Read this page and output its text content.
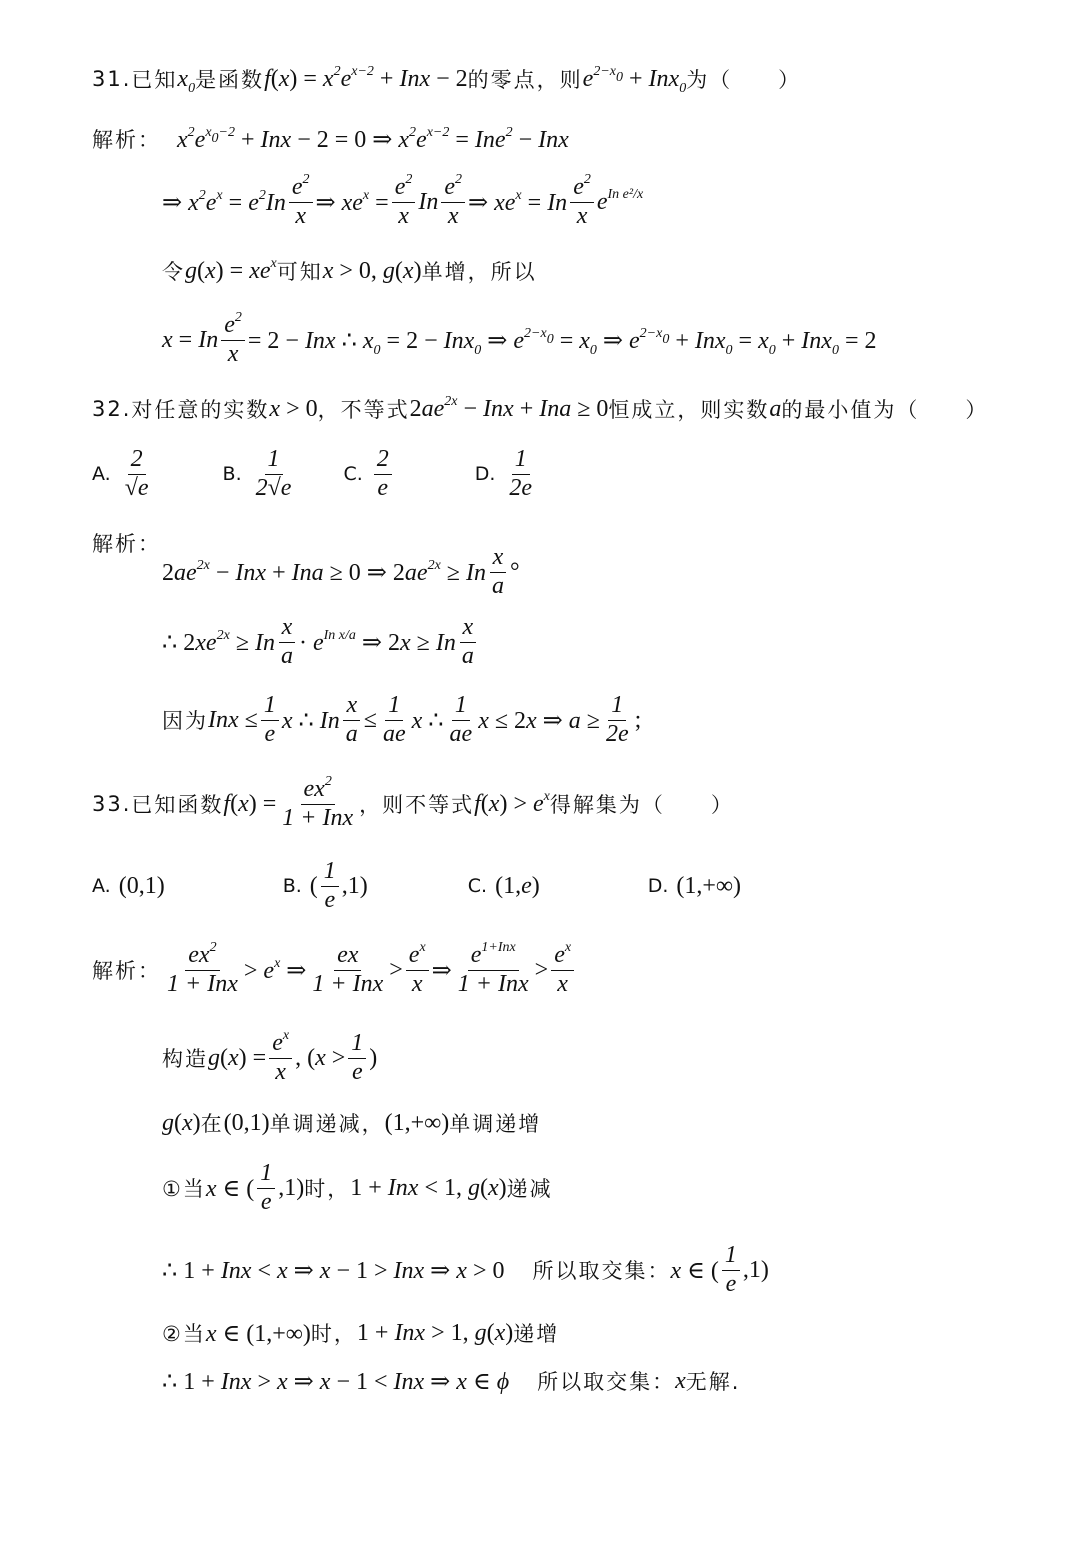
31. 已知 $x_0$ 是函数 $f(x) = x^2e^{x-2}$ + Inx − 2 的零点，则 $e^{2-x_0} + Inx_0$ 为（　　）
解析： $x^2e^{x_0-2}$ + Inx − 2 = 0 ⇒ $x^2e^{x-2} = Ine^2$ − Inx
⇒ $x^2e^x = e^2In \frac{e^2}{x}$ ⇒ $xe^x = \frac{e^2}{x}$ In $\frac{e^2}{x}$ ⇒ $xe^x = In \frac{e^2}{x} e^{In e^2/x}$
令 $g(x) = xe^x$ 可知 x > 0, g(x) 单增，所以
x = In $\frac{e^2}{x} = 2$ − Inx ∴ $x_0 = 2 - Inx_0$ ⇒ $e^{2-x_0} = x_0$ ⇒ $e^{2-x_0} + Inx_0 = x_0 + Inx_0 = 2$
32. 对任意的实数 x > 0 ，不等式 $2ae^{2x}$ − Inx + Ina ≥ 0 恒成立，则实数 a 的最小值为（　　）
A. $\frac{2}{√e}$	B. $\frac{1}{2√e}$	C. $\frac{2}{e}$	D. $\frac{1}{2e}$
解析：
$2ae^{2x}$ − Inx + Ina ≥ 0 ⇒ $2ae^{2x} \ge In \frac{x}{a}$ °
∴ $2xe^{2x} \ge In \frac{x}{a} \cdot e^{In x/a}$ ⇒ 2x ≥ In $\frac{x}{a}$
因为 Inx ≤ $\frac{1}{e}$ x ∴ In $\frac{x}{a} \le \frac{1}{ae}$ x ∴ $\frac{1}{ae}$ x ≤ 2x ⇒ $a \ge \frac{1}{2e}$ ;
33. 已知函数 $f(x) = \frac{ex^2}{\text{1 + Inx}}$ ，则不等式 $f(x) > e^x$ 得解集为（　　）
A. (0,1)	B. ( $\frac{1}{e} ,1$)	C. (1,e)	D. (1,+∞)
解析： $\frac{ex^2}{\text{1 + Inx}} > e^x$ ⇒ $\frac{ex}{\text{1 + Inx}} > \frac{e^x}{x}$ ⇒ $\frac{e^{1+Inx}}{\text{1 + Inx}} > \frac{e^x}{x}$
构造 $g(x) = \frac{e^x}{x}$ , ($x > \frac{1}{e}$ )
g(x) 在 (0,1) 单调递减， (1,+∞) 单调递增
①当 x ∈ ( $\frac{1}{e} ,1$) 时， 1 + Inx < 1, g(x) 递减
∴ 1 + Inx < x ⇒ x − 1 > Inx ⇒ x > 0 所以取交集： x ∈ ( $\frac{1}{e} ,1$)
②当 x ∈ (1,+∞) 时， 1 + Inx > 1, g(x) 递增
∴ 1 + Inx > x ⇒ x − 1 < Inx ⇒ x ∈ ϕ 所以取交集： x 无解.
